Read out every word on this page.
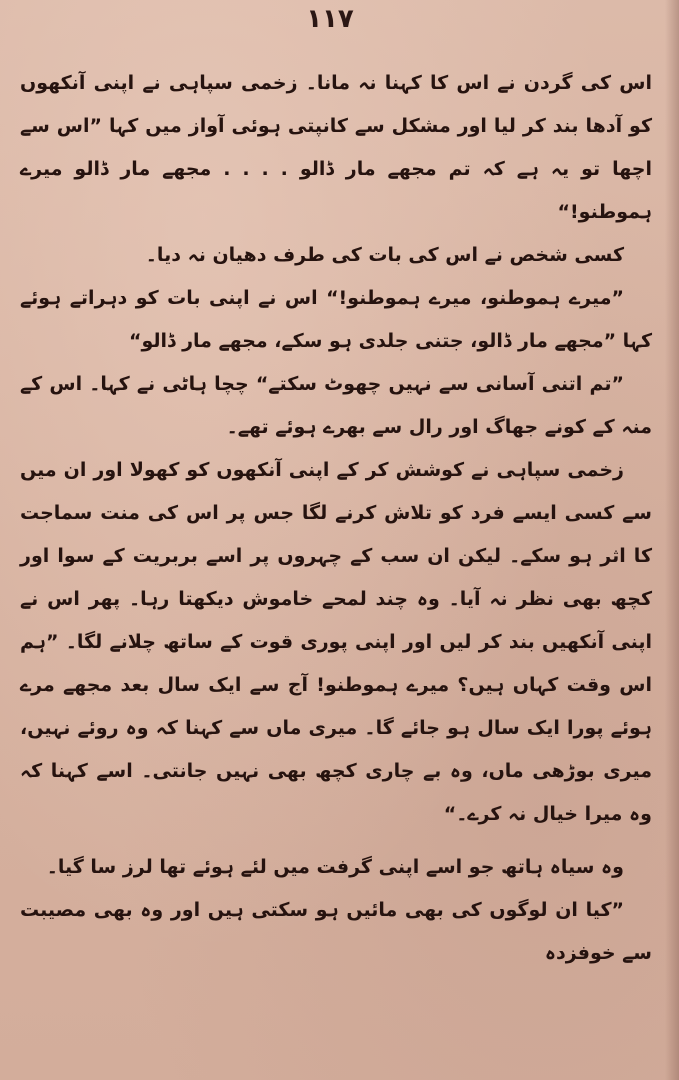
۱۱۷

اس کی گردن نے اس کا کہنا نہ مانا۔ زخمی سپاہی نے اپنی آنکھوں کو آدھا بند کر لیا اور مشکل سے کانپتی ہوئی آواز میں کہا ”اس سے اچھا تو یہ ہے کہ تم مجھے مار ڈالو . . . . مجھے مار ڈالو میرے ہموطنو!“

کسی شخص نے اس کی بات کی طرف دھیان نہ دیا۔

”میرے ہموطنو، میرے ہموطنو!“ اس نے اپنی بات کو دہراتے ہوئے کہا ”مجھے مار ڈالو، جتنی جلدی ہو سکے، مجھے مار ڈالو“

”تم اتنی آسانی سے نہیں چھوٹ سکتے“ چچا ہاٹی نے کہا۔ اس کے منہ کے کونے جھاگ اور رال سے بھرے ہوئے تھے۔

زخمی سپاہی نے کوشش کر کے اپنی آنکھوں کو کھولا اور ان میں سے کسی ایسے فرد کو تلاش کرنے لگا جس پر اس کی منت سماجت کا اثر ہو سکے۔ لیکن ان سب کے چہروں پر اسے بربریت کے سوا اور کچھ بھی نظر نہ آیا۔ وہ چند لمحے خاموش دیکھتا رہا۔ پھر اس نے اپنی آنکھیں بند کر لیں اور اپنی پوری قوت کے ساتھ چلانے لگا۔ ”ہم اس وقت کہاں ہیں؟ میرے ہموطنو! آج سے ایک سال بعد مجھے مرے ہوئے پورا ایک سال ہو جائے گا۔ میری ماں سے کہنا کہ وہ روئے نہیں، میری بوڑھی ماں، وہ بے چاری کچھ بھی نہیں جانتی۔ اسے کہنا کہ وہ میرا خیال نہ کرے۔“

وہ سیاہ ہاتھ جو اسے اپنی گرفت میں لئے ہوئے تھا لرز سا گیا۔

”کیا ان لوگوں کی بھی مائیں ہو سکتی ہیں اور وہ بھی مصیبت سے خوفزدہ
